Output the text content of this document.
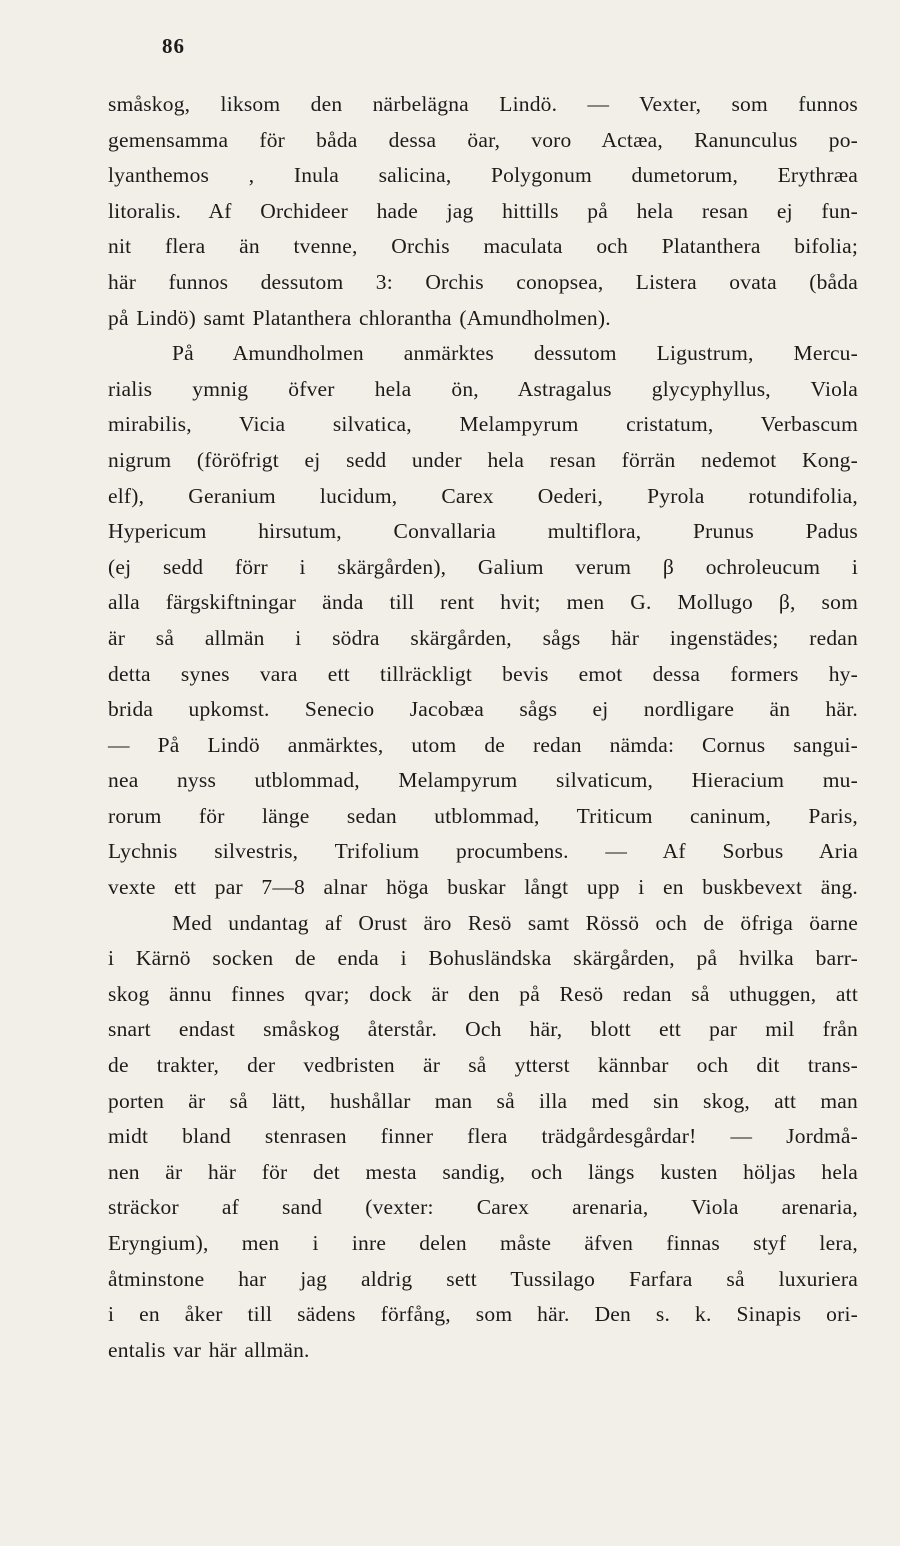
86
småskog, liksom den närbelägna Lindö. — Vexter, som funnos
gemensamma för båda dessa öar, voro Actæa, Ranunculus po-
lyanthemos , Inula salicina, Polygonum dumetorum, Erythræa
litoralis. Af Orchideer hade jag hittills på hela resan ej fun-
nit flera än tvenne, Orchis maculata och Platanthera bifolia;
här funnos dessutom 3: Orchis conopsea, Listera ovata (båda
på Lindö) samt Platanthera chlorantha (Amundholmen).
På Amundholmen anmärktes dessutom Ligustrum, Mercu-
rialis ymnig öfver hela ön, Astragalus glycyphyllus, Viola
mirabilis, Vicia silvatica, Melampyrum cristatum, Verbascum
nigrum (föröfrigt ej sedd under hela resan förrän nedemot Kong-
elf), Geranium lucidum, Carex Oederi, Pyrola rotundifolia,
Hypericum hirsutum, Convallaria multiflora, Prunus Padus
(ej sedd förr i skärgården), Galium verum β ochroleucum i
alla färgskiftningar ända till rent hvit; men G. Mollugo β, som
är så allmän i södra skärgården, sågs här ingenstädes; redan
detta synes vara ett tillräckligt bevis emot dessa formers hy-
brida upkomst. Senecio Jacobæa sågs ej nordligare än här.
— På Lindö anmärktes, utom de redan nämda: Cornus sangui-
nea nyss utblommad, Melampyrum silvaticum, Hieracium mu-
rorum för länge sedan utblommad, Triticum caninum, Paris,
Lychnis silvestris, Trifolium procumbens. — Af Sorbus Aria
vexte ett par 7—8 alnar höga buskar långt upp i en buskbevext äng.
Med undantag af Orust äro Resö samt Rössö och de öfriga öarne
i Kärnö socken de enda i Bohusländska skärgården, på hvilka barr-
skog ännu finnes qvar; dock är den på Resö redan så uthuggen, att
snart endast småskog återstår. Och här, blott ett par mil från
de trakter, der vedbristen är så ytterst kännbar och dit trans-
porten är så lätt, hushållar man så illa med sin skog, att man
midt bland stenrasen finner flera trädgårdesgårdar! — Jordmå-
nen är här för det mesta sandig, och längs kusten höljas hela
sträckor af sand (vexter: Carex arenaria, Viola arenaria,
Eryngium), men i inre delen måste äfven finnas styf lera,
åtminstone har jag aldrig sett Tussilago Farfara så luxuriera
i en åker till sädens förfång, som här. Den s. k. Sinapis ori-
entalis var här allmän.
